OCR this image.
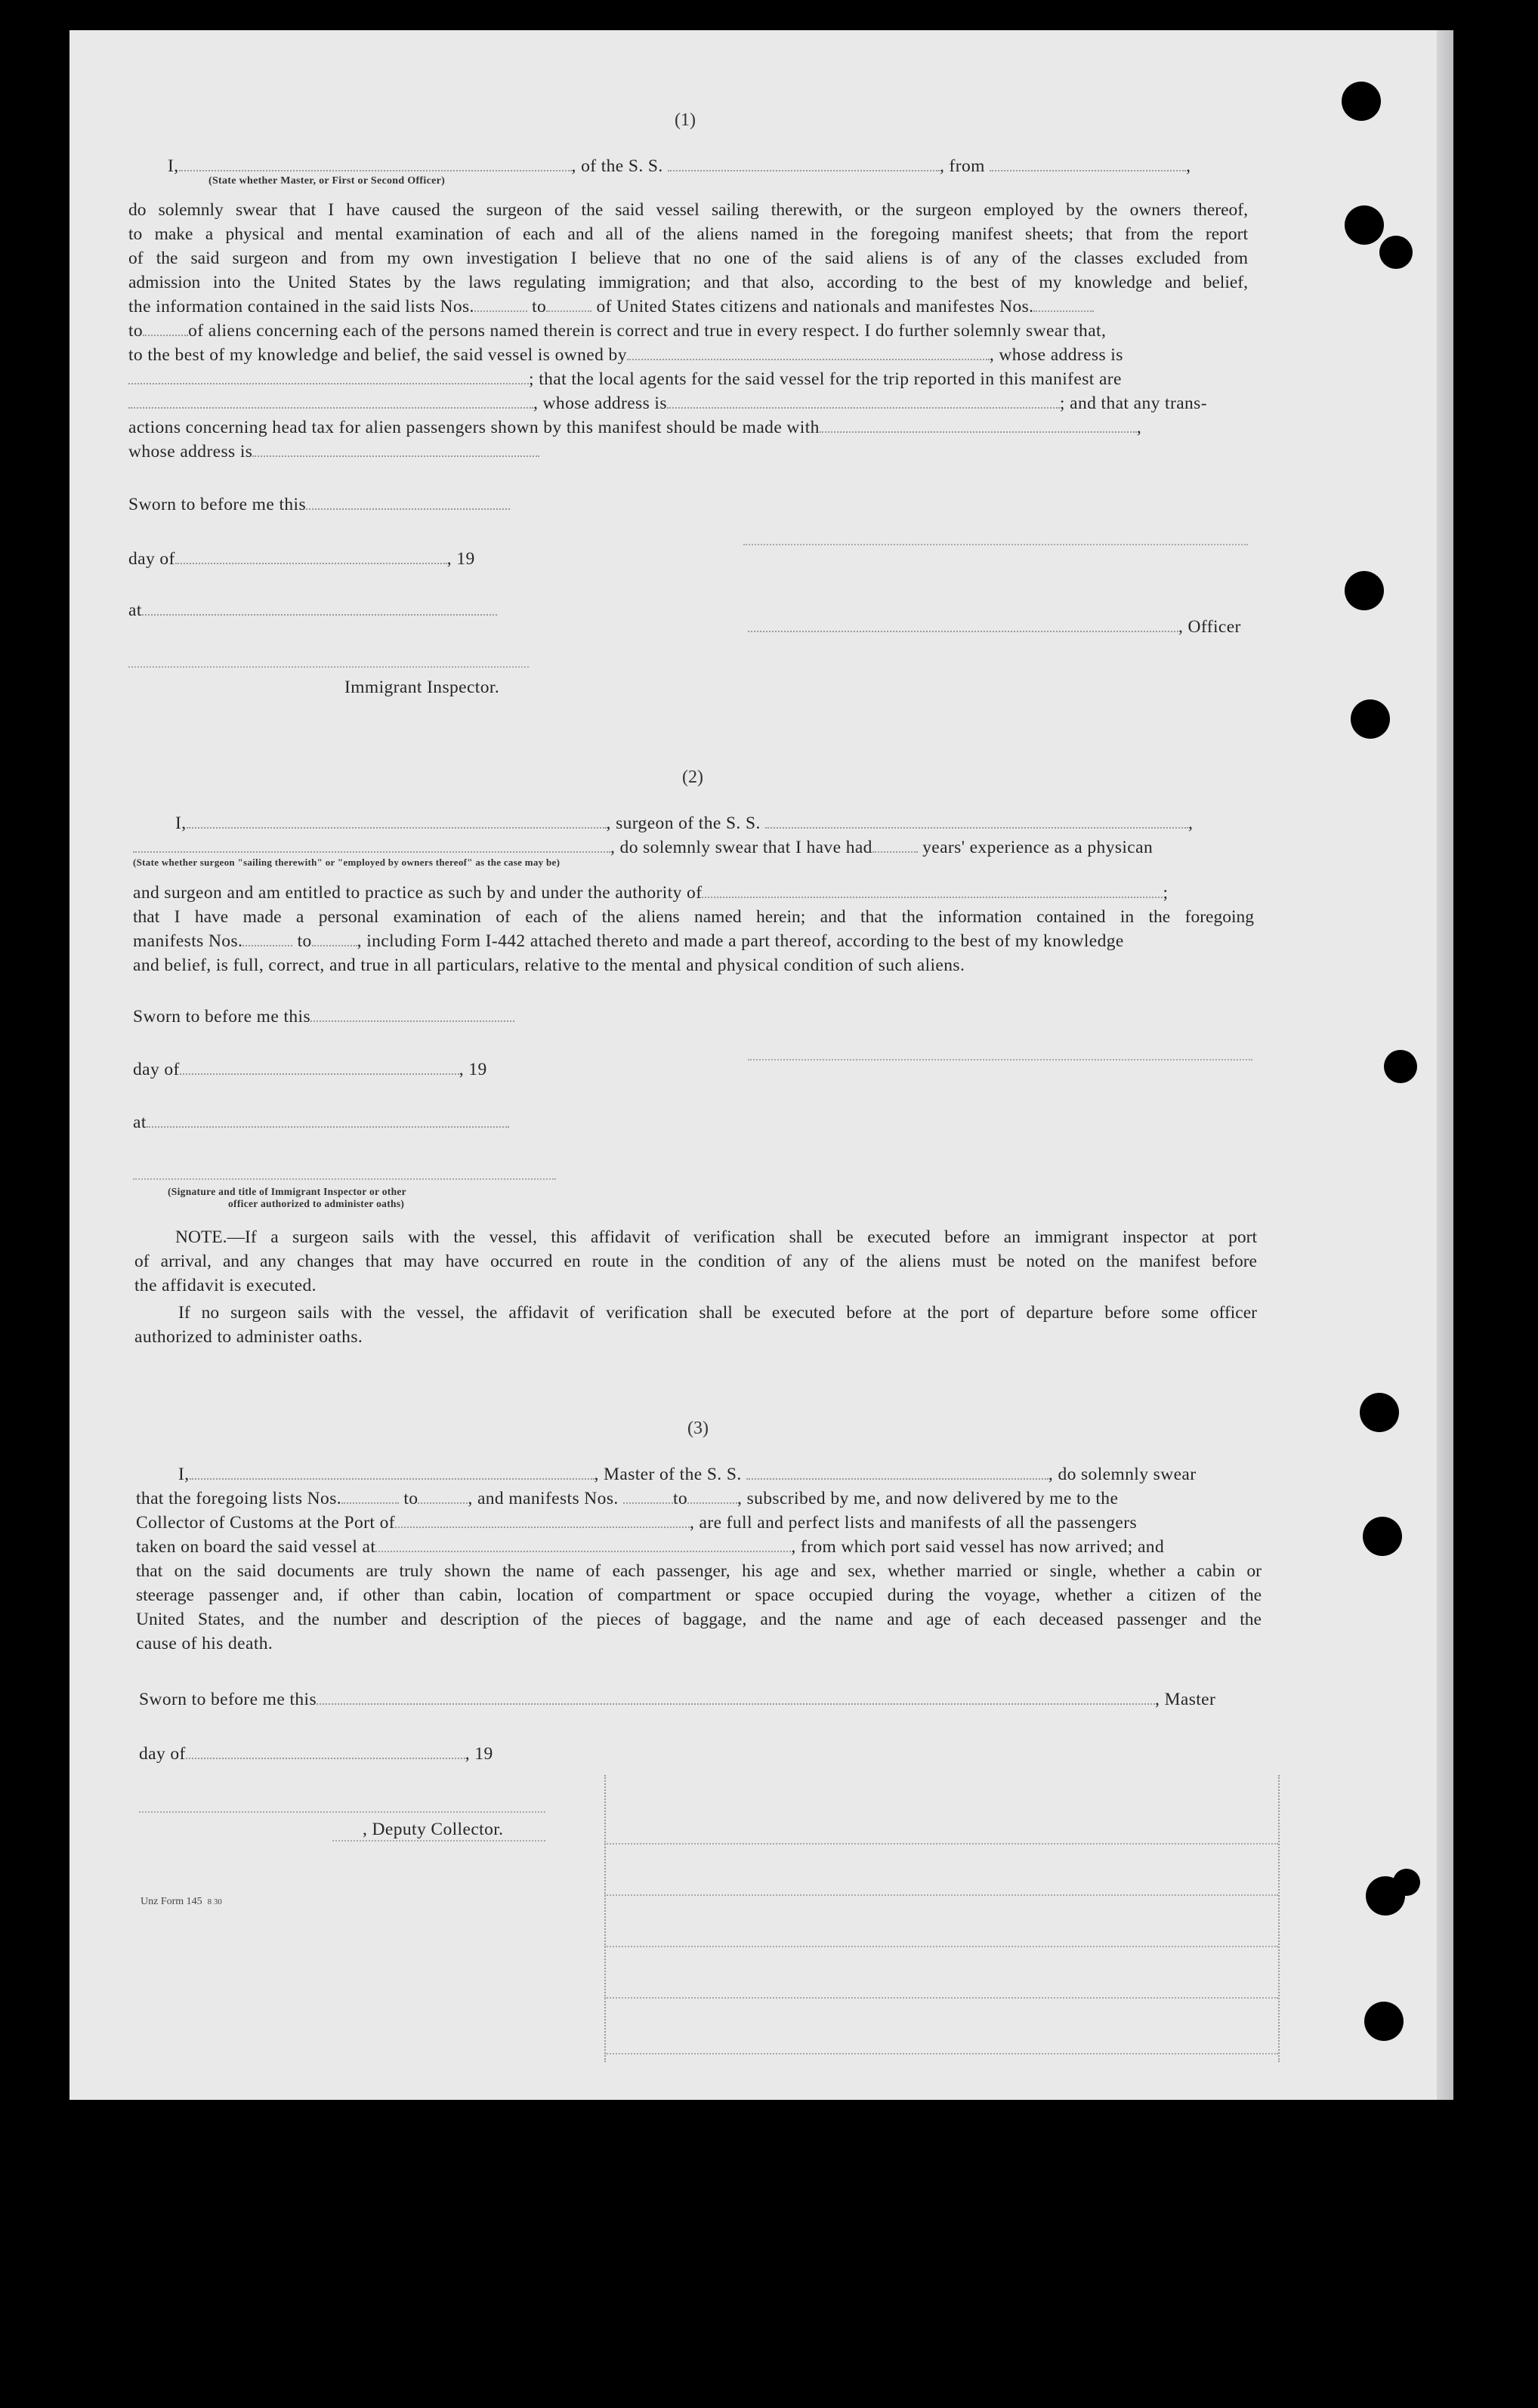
(1)
I,	, of the S. S.	, from	,
(State whether Master, or First or Second Officer)
do solemnly swear that I have caused the surgeon of the said vessel sailing therewith, or the surgeon employed by the owners thereof,
to make a physical and mental examination of each and all of the aliens named in the foregoing manifest sheets; that from the report
of the said surgeon and from my own investigation I believe that no one of the said aliens is of any of the classes excluded from
admission into the United States by the laws regulating immigration; and that also, according to the best of my knowledge and belief,
the information contained in the said lists Nos.	to	of United States citizens and nationals and manifestes Nos.
to	of aliens concerning each of the persons named therein is correct and true in every respect. I do further solemnly swear that,
to the best of my knowledge and belief, the said vessel is owned by	, whose address is
; that the local agents for the said vessel for the trip reported in this manifest are
, whose address is	; and that any trans-
actions concerning head tax for alien passengers shown by this manifest should be made with	,
whose address is
Sworn to before me this
day of	, 19
at
, Officer
Immigrant Inspector.
(2)
I,	, surgeon of the S. S.	,
, do solemnly swear that I have had	years' experience as a physican
(State whether surgeon "sailing therewith" or "employed by owners thereof" as the case may be)
and surgeon and am entitled to practice as such by and under the authority of	;
that I have made a personal examination of each of the aliens named herein; and that the information contained in the foregoing
manifests Nos.	to	, including Form I-442 attached thereto and made a part thereof, according to the best of my knowledge
and belief, is full, correct, and true in all particulars, relative to the mental and physical condition of such aliens.
Sworn to before me this
day of	, 19
at
(Signature and title of Immigrant Inspector or other
officer authorized to administer oaths)
NOTE.—If a surgeon sails with the vessel, this affidavit of verification shall be executed before an immigrant inspector at port
of arrival, and any changes that may have occurred en route in the condition of any of the aliens must be noted on the manifest before
the affidavit is executed.
If no surgeon sails with the vessel, the affidavit of verification shall be executed before at the port of departure before some officer
authorized to administer oaths.
(3)
I,	, Master of the S. S.	, do solemnly swear
that the foregoing lists Nos.	to	, and manifests Nos.	to	, subscribed by me, and now delivered by me to the
Collector of Customs at the Port of	, are full and perfect lists and manifests of all the passengers
taken on board the said vessel at	, from which port said vessel has now arrived; and
that on the said documents are truly shown the name of each passenger, his age and sex, whether married or single, whether a cabin or
steerage passenger and, if other than cabin, location of compartment or space occupied during the voyage, whether a citizen of the
United States, and the number and description of the pieces of baggage, and the name and age of each deceased passenger and the
cause of his death.
Sworn to before me this	, Master
day of	, 19
, Deputy Collector.
Unz Form 145 8 30
